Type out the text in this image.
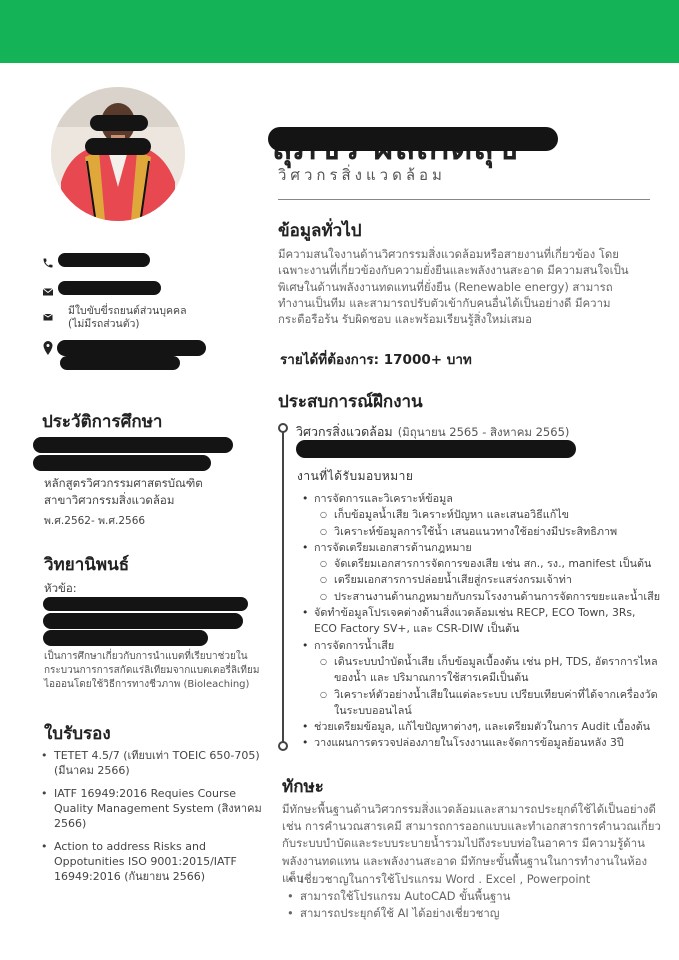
วิศวกรสิ่งแวดล้อม
มีใบขับขี่รถยนต์ส่วนบุคคล
(ไม่มีรถส่วนตัว)
ข้อมูลทั่วไป
มีความสนใจงานด้านวิศวกรรมสิ่งแวดล้อมหรือสายงานที่เกี่ยวข้อง โดยเฉพาะงานที่เกี่ยวข้องกับความยั่งยืนและพลังงานสะอาด มีความสนใจเป็นพิเศษในด้านพลังงานทดแทนที่ยั่งยืน (Renewable energy) สามารถทำงานเป็นทีม และสามารถปรับตัวเข้ากับคนอื่นได้เป็นอย่างดี มีความกระตือรือร้น รับผิดชอบ และพร้อมเรียนรู้สิ่งใหม่เสมอ
รายได้ที่ต้องการ: 17000+ บาท
ประสบการณ์ฝึกงาน
วิศวกรสิ่งแวดล้อม (มิถุนายน 2565 - สิงหาคม 2565)
งานที่ได้รับมอบหมาย
• การจัดการและวิเคราะห์ข้อมูล
○ เก็บข้อมูลน้ำเสีย วิเคราะห์ปัญหา และเสนอวิธีแก้ไข
○ วิเคราะห์ข้อมูลการใช้น้ำ เสนอแนวทางใช้อย่างมีประสิทธิภาพ
• การจัดเตรียมเอกสารด้านกฎหมาย
○ จัดเตรียมเอกสารการจัดการของเสีย เช่น สก., รง., manifest เป็นต้น
○ เตรียมเอกสารการปล่อยน้ำเสียสู่กระแสร่งกรมเจ้าท่า
○ ประสานงานด้านกฎหมายกับกรมโรงงานด้านการจัดการขยะและน้ำเสีย
• จัดทำข้อมูลโปรเจคต่างด้านสิ่งแวดล้อมเช่น RECP, ECO Town, 3Rs, ECO Factory SV+, และ CSR-DIW เป็นต้น
• การจัดการน้ำเสีย
○ เดินระบบบำบัดน้ำเสีย เก็บข้อมูลเบื้องต้น เช่น pH, TDS, อัตราการไหลของน้ำ และ ปริมาณการใช้สารเคมีเป็นต้น
○ วิเคราะห์ตัวอย่างน้ำเสียในแต่ละระบบ เปรียบเทียบค่าที่ได้จากเครื่องวัดในระบบออนไลน์
• ช่วยเตรียมข้อมูล, แก้ไขปัญหาต่างๆ, และเตรียมตัวในการ Audit เบื้องต้น
• วางแผนการตรวจปล่องภายในโรงงานและจัดการข้อมูลย้อนหลัง 3ปี
ประวัติการศึกษา
หลักสูตรวิศวกรรมศาสตรบัณฑิต
สาขาวิศวกรรมสิ่งแวดล้อม
พ.ศ.2562- พ.ศ.2566
วิทยานิพนธ์
หัวข้อ:
เป็นการศึกษาเกี่ยวกับการนำแบตที่เรียบาช่วยในกระบวนการการสกัดแร่ลิเทียมจากแบตเตอรี่ลิเทียมไอออนโดยใช้วิธีการทางชีวภาพ (Bioleaching)
ใบรับรอง
• TETET 4.5/7 (เทียบเท่า TOEIC 650-705) (มีนาคม 2566)
• IATF 16949:2016 Requies Course Quality Management System (สิงหาคม 2566)
• Action to address Risks and Oppotunities ISO 9001:2015/IATF 16949:2016 (กันยายน 2566)
ทักษะ
มีทักษะพื้นฐานด้านวิศวกรรมสิ่งแวดล้อมและสามารถประยุกต์ใช้ได้เป็นอย่างดี เช่น การคำนวณสารเคมี สามารถการออกแบบและทำเอกสารการคำนวณเกี่ยวกับระบบบำบัดและระบบระบายน้ำรวมไปถึงระบบท่อในอาคาร มีความรู้ด้าน พลังงานทดแทน และพลังงานสะอาด มีทักษะขั้นพื้นฐานในการทำงานในห้องแล็บ
• เชี่ยวชาญในการใช้โปรแกรม Word . Excel , Powerpoint
• สามารถใช้โปรแกรม AutoCAD ขั้นพื้นฐาน
• สามารถประยุกต์ใช้ AI ได้อย่างเชี่ยวชาญ
